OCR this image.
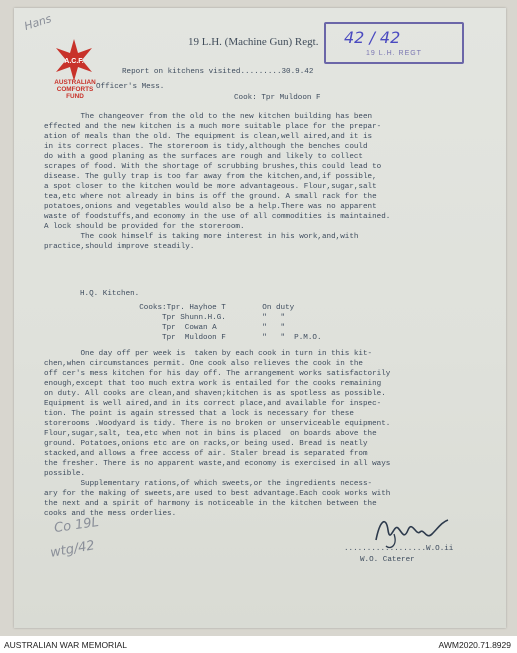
A.C.F.
AUSTRALIAN
COMFORTS
FUND
Hans
19 L.H. (Machine Gun) Regt. 42 / 42
19 L.H. REGT
Report on kitchens visited.........30.9.42
Officer's Mess.
Cook: Tpr Muldoon F
The changeover from the old to the new kitchen building has been
effected and the new kitchen is a much more suitable place for the prepar-
ation of meals than the old. The equipment is clean,well aired,and it is
in its correct places. The storeroom is tidy,although the benches could
do with a good planing as the surfaces are rough and likely to collect
scrapes of food. With the shortage of scrubbing brushes,this could lead to
disease. The gully trap is too far away from the kitchen,and,if possible,
a spot closer to the kitchen would be more advantageous. Flour,sugar,salt
tea,etc where not already in bins is off the ground. A small rack for the
potatoes,onions and vegetables would also be a help.There was no apparent
waste of foodstuffs,and economy in the use of all commodities is maintained.
A lock should be provided for the storeroom.
The cook himself is taking more interest in his work,and,with
practice,should improve steadily.
H.Q. Kitchen.
Cooks:Tpr. Hayhoe T        On duty
Tpr Shunn.H.G.        "   "
Tpr  Cowan A          "   "
Tpr  Muldoon F        "   "  P.M.O.
One day off per week is  taken by each cook in turn in this kit-
chen,when circumstances permit. One cook also relieves the cook in the
off cer's mess kitchen for his day off. The arrangement works satisfactorily
enough,except that too much extra work is entailed for the cooks remaining
on duty. All cooks are clean,and shaven;kitchen is as spotless as possible.
Equipment is well aired,and in its correct place,and available for inspec-
tion. The point is again stressed that a lock is necessary for these
storerooms .Woodyard is tidy. There is no broken or unserviceable equipment.
Flour,sugar,salt, tea,etc when not in bins is placed  on boards above the
ground. Potatoes,onions etc are on racks,or being used. Bread is neatly
stacked,and allows a free access of air. Staler bread is separated from
the fresher. There is no apparent waste,and economy is exercised in all ways
possible.
Supplementary rations,of which sweets,or the ingredients necess-
ary for the making of sweets,are used to best advantage.Each cook works with
the next and a spirit of harmony is noticeable in the kitchen between the
cooks and the mess orderlies.
..................W.O.ii
W.O. Caterer
Co 19L
wtg/42
AUSTRALIAN WAR MEMORIAL	AWM2020.71.8929
